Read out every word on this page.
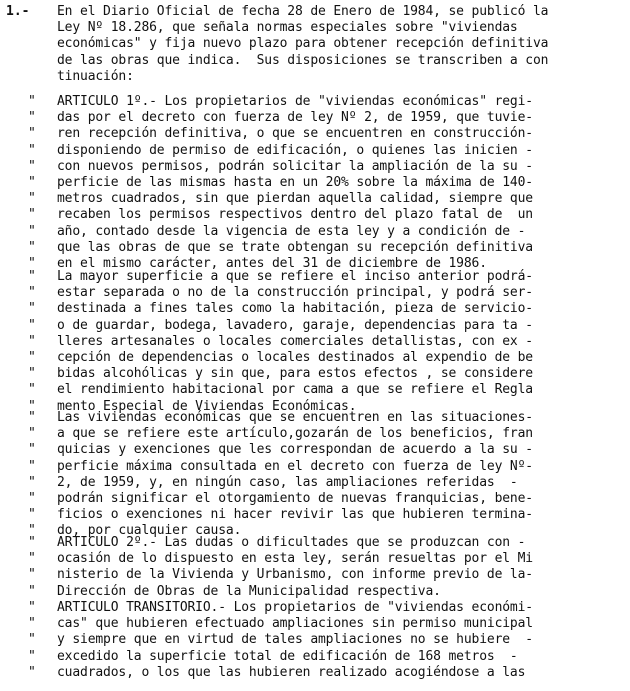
1.- En el Diario Oficial de fecha 28 de Enero de 1984, se publicó la
Ley Nº 18.286, que señala normas especiales sobre "viviendas
económicas" y fija nuevo plazo para obtener recepción definitiva
de las obras que indica.  Sus disposiciones se transcriben a con
tinuación:
" ARTICULO 1º.- Los propietarios de "viviendas económicas" regi-
" das por el decreto con fuerza de ley Nº 2, de 1959, que tuvie-
" ren recepción definitiva, o que se encuentren en construcción-
" disponiendo de permiso de edificación, o quienes las inicien -
" con nuevos permisos, podrán solicitar la ampliación de la su -
" perficie de las mismas hasta en un 20% sobre la máxima de 140-
" metros cuadrados, sin que pierdan aquella calidad, siempre que
" recaben los permisos respectivos dentro del plazo fatal de  un
" año, contado desde la vigencia de esta ley y a condición de -
" que las obras de que se trate obtengan su recepción definitiva
" en el mismo carácter, antes del 31 de diciembre de 1986.
" La mayor superficie a que se refiere el inciso anterior podrá-
" estar separada o no de la construcción principal, y podrá ser-
" destinada a fines tales como la habitación, pieza de servicio-
" o de guardar, bodega, lavadero, garaje, dependencias para ta -
" lleres artesanales o locales comerciales detallistas, con ex -
" cepción de dependencias o locales destinados al expendio de be
" bidas alcohólicas y sin que, para estos efectos , se considere
" el rendimiento habitacional por cama a que se refiere el Regla
" mento Especial de Viviendas Económicas.
" Las viviendas económicas que se encuentren en las situaciones-
" a que se refiere este artículo,gozarán de los beneficios, fran
" quicias y exenciones que les correspondan de acuerdo a la su -
" perficie máxima consultada en el decreto con fuerza de ley Nº-
" 2, de 1959, y, en ningún caso, las ampliaciones referidas  -
" podrán significar el otorgamiento de nuevas franquicias, bene-
" ficios o exenciones ni hacer revivir las que hubieren termina-
" do, por cualquier causa.
" ARTICULO 2º.- Las dudas o dificultades que se produzcan con -
" ocasión de lo dispuesto en esta ley, serán resueltas por el Mi
" nisterio de la Vivienda y Urbanismo, con informe previo de la-
" Dirección de Obras de la Municipalidad respectiva.
" ARTICULO TRANSITORIO.- Los propietarios de "viviendas económi-
" cas" que hubieren efectuado ampliaciones sin permiso municipal
" y siempre que en virtud de tales ampliaciones no se hubiere  -
" excedido la superficie total de edificación de 168 metros  -
" cuadrados, o los que las hubieren realizado acogiéndose a las
